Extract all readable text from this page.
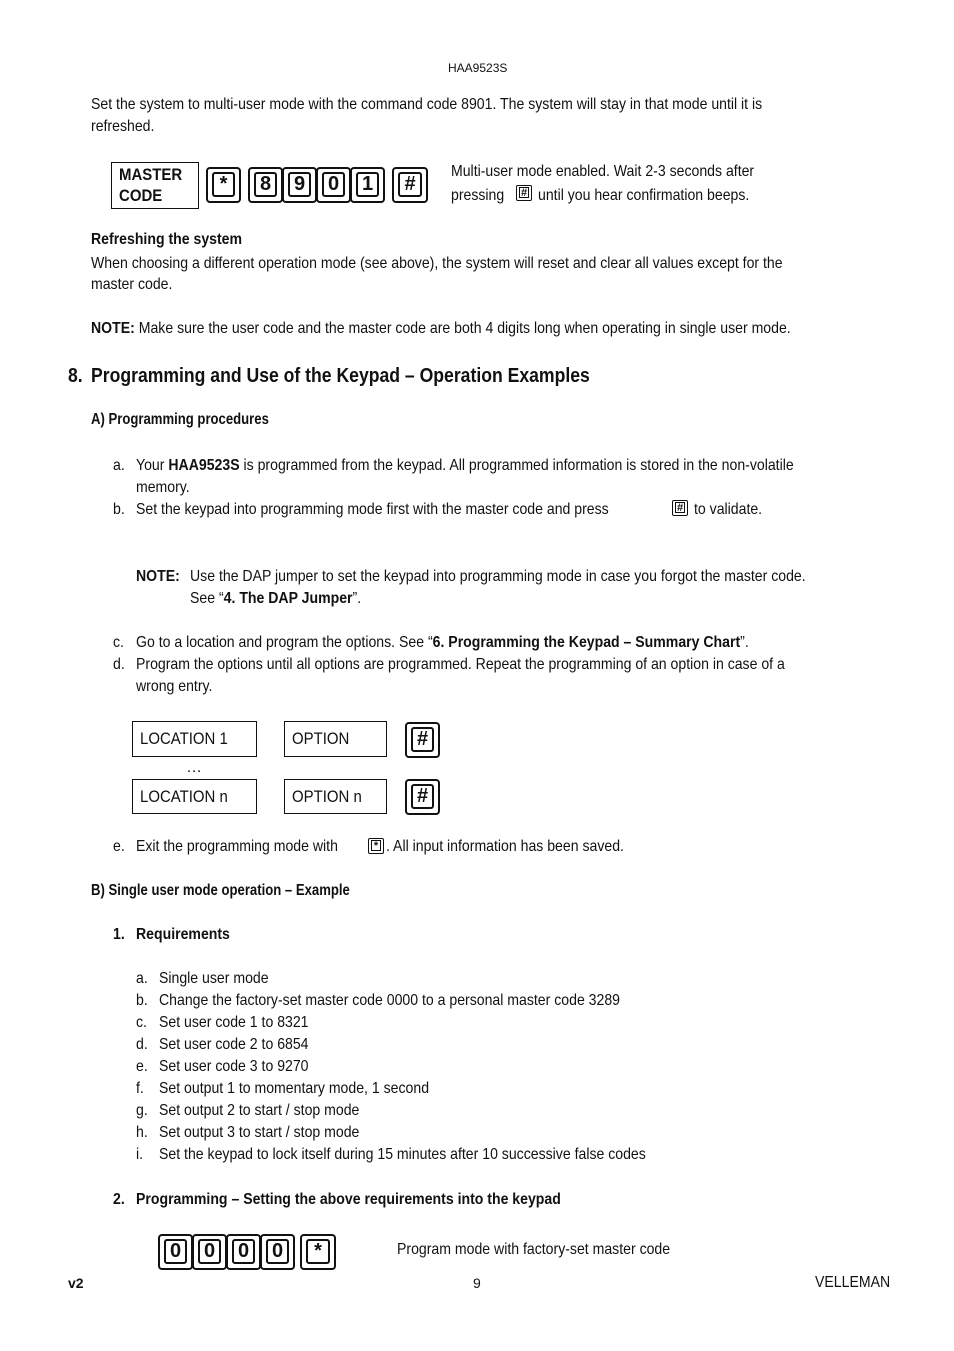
HAA9523S
Set the system to multi-user mode with the command code 8901. The system will stay in that mode until it is
refreshed.
MASTER
CODE
*	8 9 0 1	#
Multi-user mode enabled. Wait 2-3 seconds after
pressing # until you hear confirmation beeps.
Refreshing the system
When choosing a different operation mode (see above), the system will reset and clear all values except for the
master code.
NOTE: Make sure the user code and the master code are both 4 digits long when operating in single user mode.
8. Programming and Use of the Keypad – Operation Examples
A) Programming procedures
a. Your HAA9523S is programmed from the keypad. All programmed information is stored in the non-volatile
memory.
b. Set the keypad into programming mode first with the master code and press	# to validate.
NOTE: Use the DAP jumper to set the keypad into programming mode in case you forgot the master code.
See “4. The DAP Jumper”.
c. Go to a location and program the options. See “6. Programming the Keypad – Summary Chart”.
d. Program the options until all options are programmed. Repeat the programming of an option in case of a
wrong entry.
LOCATION 1	OPTION	#
…
LOCATION n	OPTION n	#
e. Exit the programming mode with	* . All input information has been saved.
B) Single user mode operation – Example
1. Requirements
a. Single user mode
b. Change the factory-set master code 0000 to a personal master code 3289
c. Set user code 1 to 8321
d. Set user code 2 to 6854
e. Set user code 3 to 9270
f. Set output 1 to momentary mode, 1 second
g. Set output 2 to start / stop mode
h. Set output 3 to start / stop mode
i. Set the keypad to lock itself during 15 minutes after 10 successive false codes
2. Programming – Setting the above requirements into the keypad
0 0 0 0	*	Program mode with factory-set master code
v2	9	VELLEMAN
